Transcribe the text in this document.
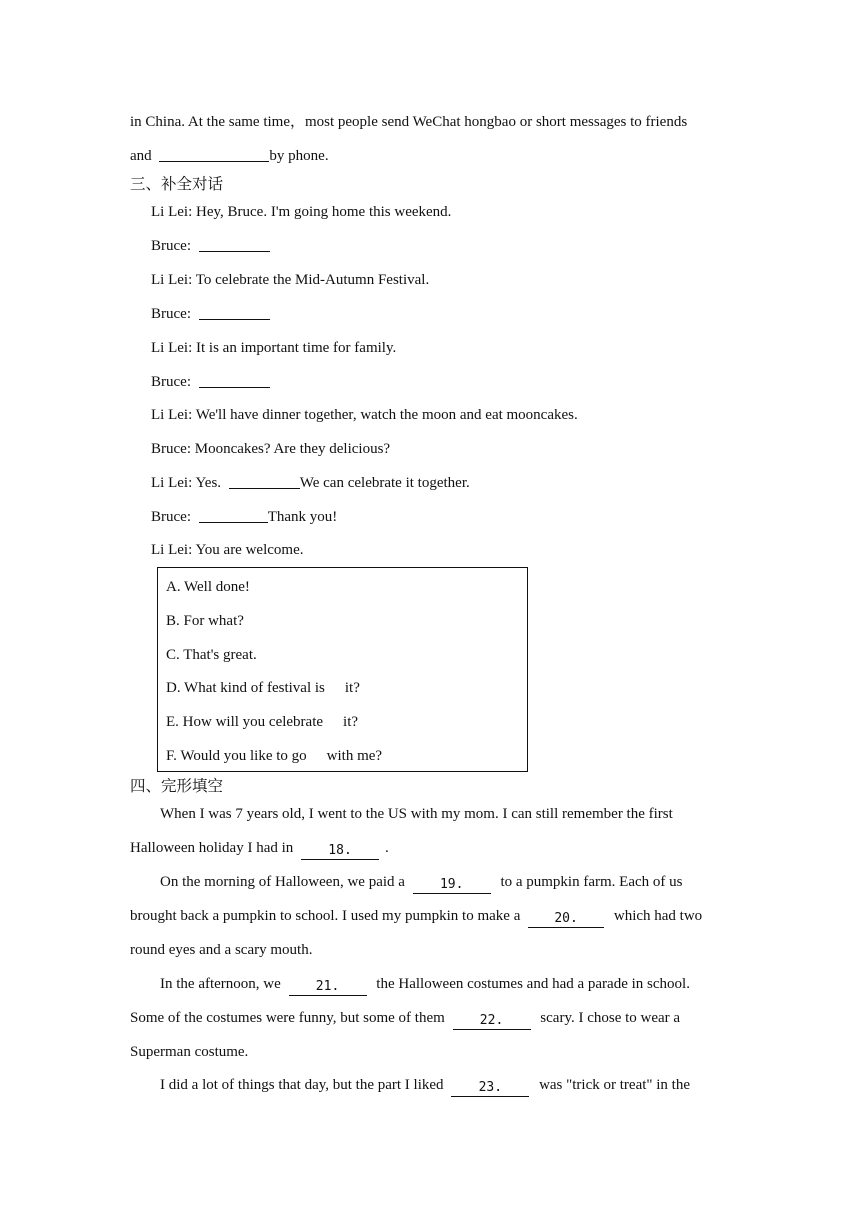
in China. At the same time，most people send WeChat hongbao or short messages to friends
and	by phone.
三、补全对话
Li Lei: Hey, Bruce. I'm going home this weekend.
Bruce:
Li Lei: To celebrate the Mid-Autumn Festival.
Bruce:
Li Lei: It is an important time for family.
Bruce:
Li Lei: We'll have dinner together, watch the moon and eat mooncakes.
Bruce: Mooncakes? Are they delicious?
Li Lei: Yes.	We can celebrate it together.
Bruce:	Thank you!
Li Lei: You are welcome.
A. Well done!
B. For what?
C. That's great.
D. What kind of festival is it?
E. How will you celebrate it?
F. Would you like to go with me?
四、完形填空
When I was 7 years old, I went to the US with my mom. I can still remember the first
Halloween holiday I had in	18. .
On the morning of Halloween, we paid a	19. to a pumpkin farm. Each of us
brought back a pumpkin to school. I used my pumpkin to make a	20. which had two
round eyes and a scary mouth.
In the afternoon, we	21. the Halloween costumes and had a parade in school.
Some of the costumes were funny, but some of them	22. scary. I chose to wear a
Superman costume.
I did a lot of things that day, but the part I liked	23. was "trick or treat" in the
